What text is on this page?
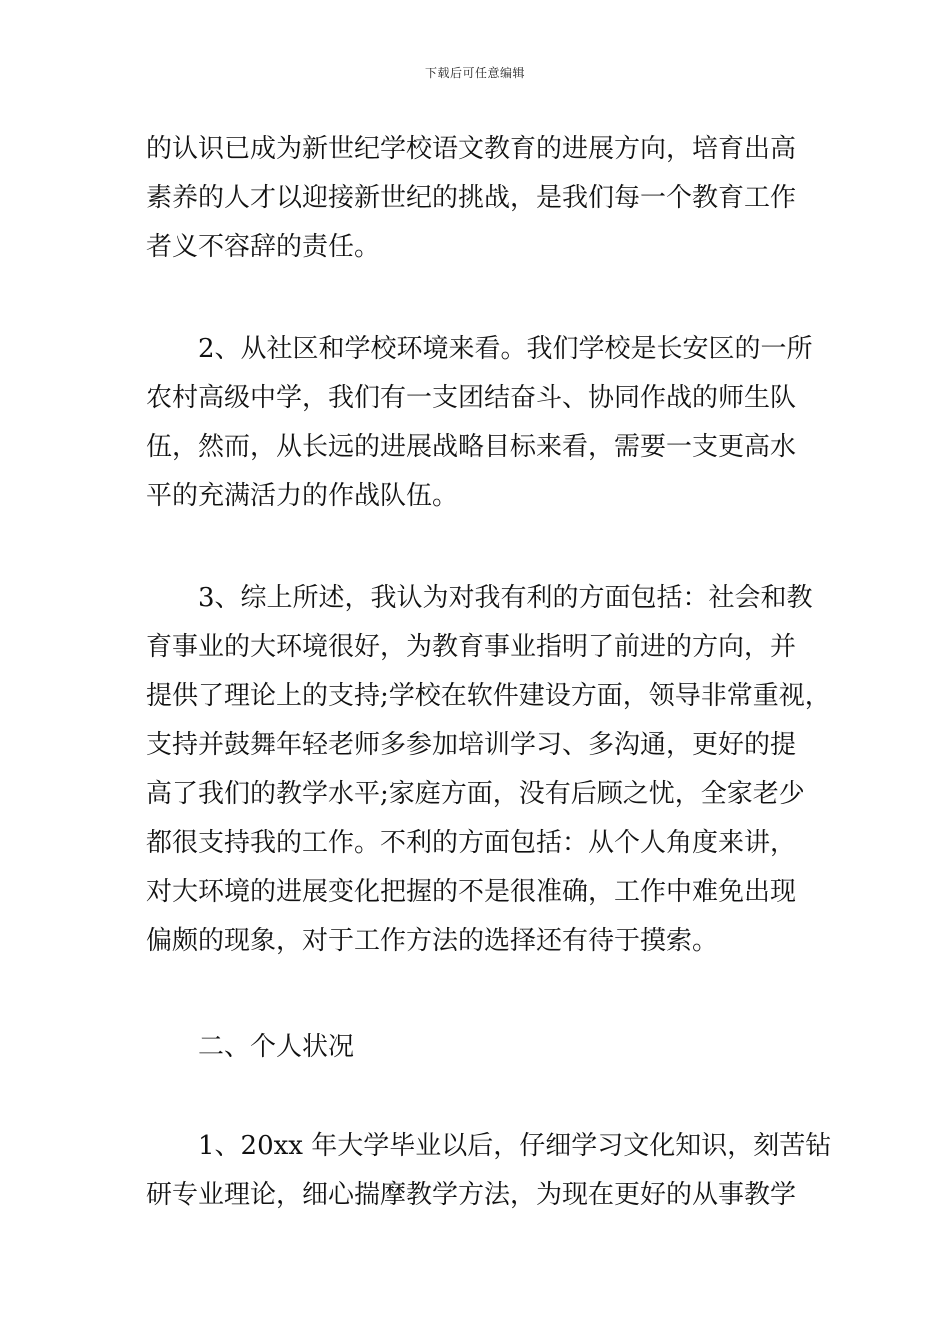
下载后可任意编辑
的认识已成为新世纪学校语文教育的进展方向，培育出高
素养的人才以迎接新世纪的挑战，是我们每一个教育工作
者义不容辞的责任。
2、从社区和学校环境来看。我们学校是长安区的一所
农村高级中学，我们有一支团结奋斗、协同作战的师生队
伍，然而，从长远的进展战略目标来看，需要一支更高水
平的充满活力的作战队伍。
3、综上所述，我认为对我有利的方面包括：社会和教
育事业的大环境很好，为教育事业指明了前进的方向，并
提供了理论上的支持;学校在软件建设方面，领导非常重视，
支持并鼓舞年轻老师多参加培训学习、多沟通，更好的提
高了我们的教学水平;家庭方面，没有后顾之忧，全家老少
都很支持我的工作。不利的方面包括：从个人角度来讲，
对大环境的进展变化把握的不是很准确，工作中难免出现
偏颇的现象，对于工作方法的选择还有待于摸索。
二、个人状况
1、20xx 年大学毕业以后，仔细学习文化知识，刻苦钻
研专业理论，细心揣摩教学方法，为现在更好的从事教学
